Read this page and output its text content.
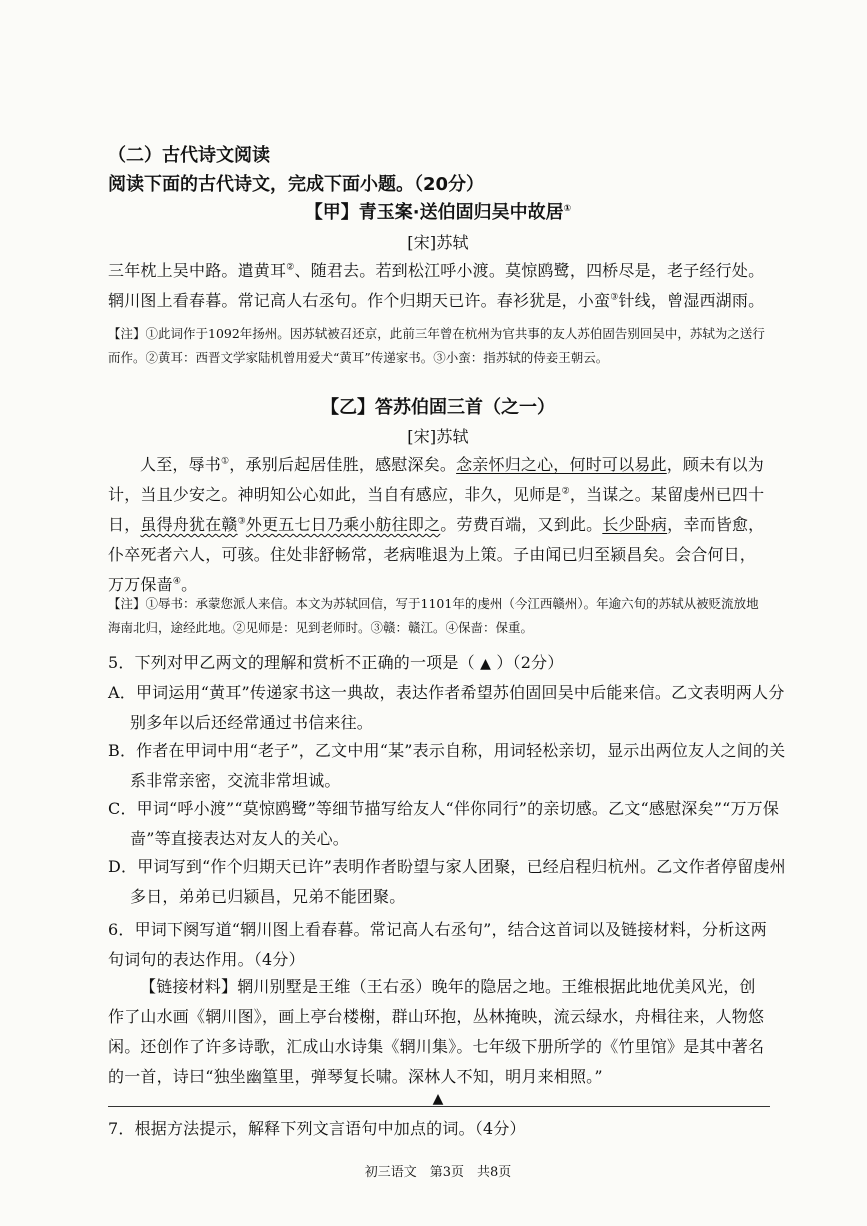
（二）古代诗文阅读
阅读下面的古代诗文，完成下面小题。（20分）
【甲】青玉案·送伯固归吴中故居①
[宋]苏轼
三年枕上吴中路。遣黄耳②、随君去。若到松江呼小渡。莫惊鸥鹭，四桥尽是，老子经行处。
辋川图上看春暮。常记高人右丞句。作个归期天已许。春衫犹是，小蛮③针线，曾湿西湖雨。
【注】①此词作于1092年扬州。因苏轼被召还京，此前三年曾在杭州为官共事的友人苏伯固告别回吴中，苏轼为之送行而作。②黄耳：西晋文学家陆机曾用爱犬“黄耳”传递家书。③小蛮：指苏轼的侍妾王朝云。
【乙】答苏伯固三首（之一）
[宋]苏轼
人至，辱书①，承别后起居佳胜，感慰深矣。念亲怀归之心，何时可以易此，顾未有以为计，当且少安之。神明知公心如此，当自有感应，非久，见师是②，当谋之。某留虔州已四十日，虽得舟犹在赣③外更五七日乃乘小舫往即之。劳费百端，又到此。长少卧病，幸而皆愈，仆卒死者六人，可骇。住处非舒畅常，老病唯退为上策。子由闻已归至颍昌矣。会合何日，万万保啬④。
【注】①辱书：承蒙您派人来信。本文为苏轼回信，写于1101年的虔州（今江西赣州）。年逾六旬的苏轼从被贬流放地海南北归，途经此地。②见师是：见到老师时。③赣：赣江。④保啬：保重。
5．下列对甲乙两文的理解和赏析不正确的一项是（ ▲ ）（2分）
A．甲词运用“黄耳”传递家书这一典故，表达作者希望苏伯固回吴中后能来信。乙文表明两人分别多年以后还经常通过书信来往。
B．作者在甲词中用“老子”，乙文中用“某”表示自称，用词轻松亲切，显示出两位友人之间的关系非常亲密，交流非常坦诚。
C．甲词“呼小渡”“莫惊鸥鹭”等细节描写给友人“伴你同行”的亲切感。乙文“感慰深矣”“万万保啬”等直接表达对友人的关心。
D．甲词写到“作个归期天已许”表明作者盼望与家人团聚，已经启程归杭州。乙文作者停留虔州多日，弟弟已归颍昌，兄弟不能团聚。
6．甲词下阕写道“辋川图上看春暮。常记高人右丞句”，结合这首词以及链接材料，分析这两句词句的表达作用。（4分）
【链接材料】辋川别墅是王维（王右丞）晚年的隐居之地。王维根据此地优美风光，创作了山水画《辋川图》，画上亭台楼榭，群山环抱，丛林掩映，流云绿水，舟楫往来，人物悠闲。还创作了许多诗歌，汇成山水诗集《辋川集》。七年级下册所学的《竹里馆》是其中著名的一首，诗曰“独坐幽篁里，弹琴复长啸。深林人不知，明月来相照。”
▲
7．根据方法提示，解释下列文言语句中加点的词。（4分）
初三语文　第3页　共8页
